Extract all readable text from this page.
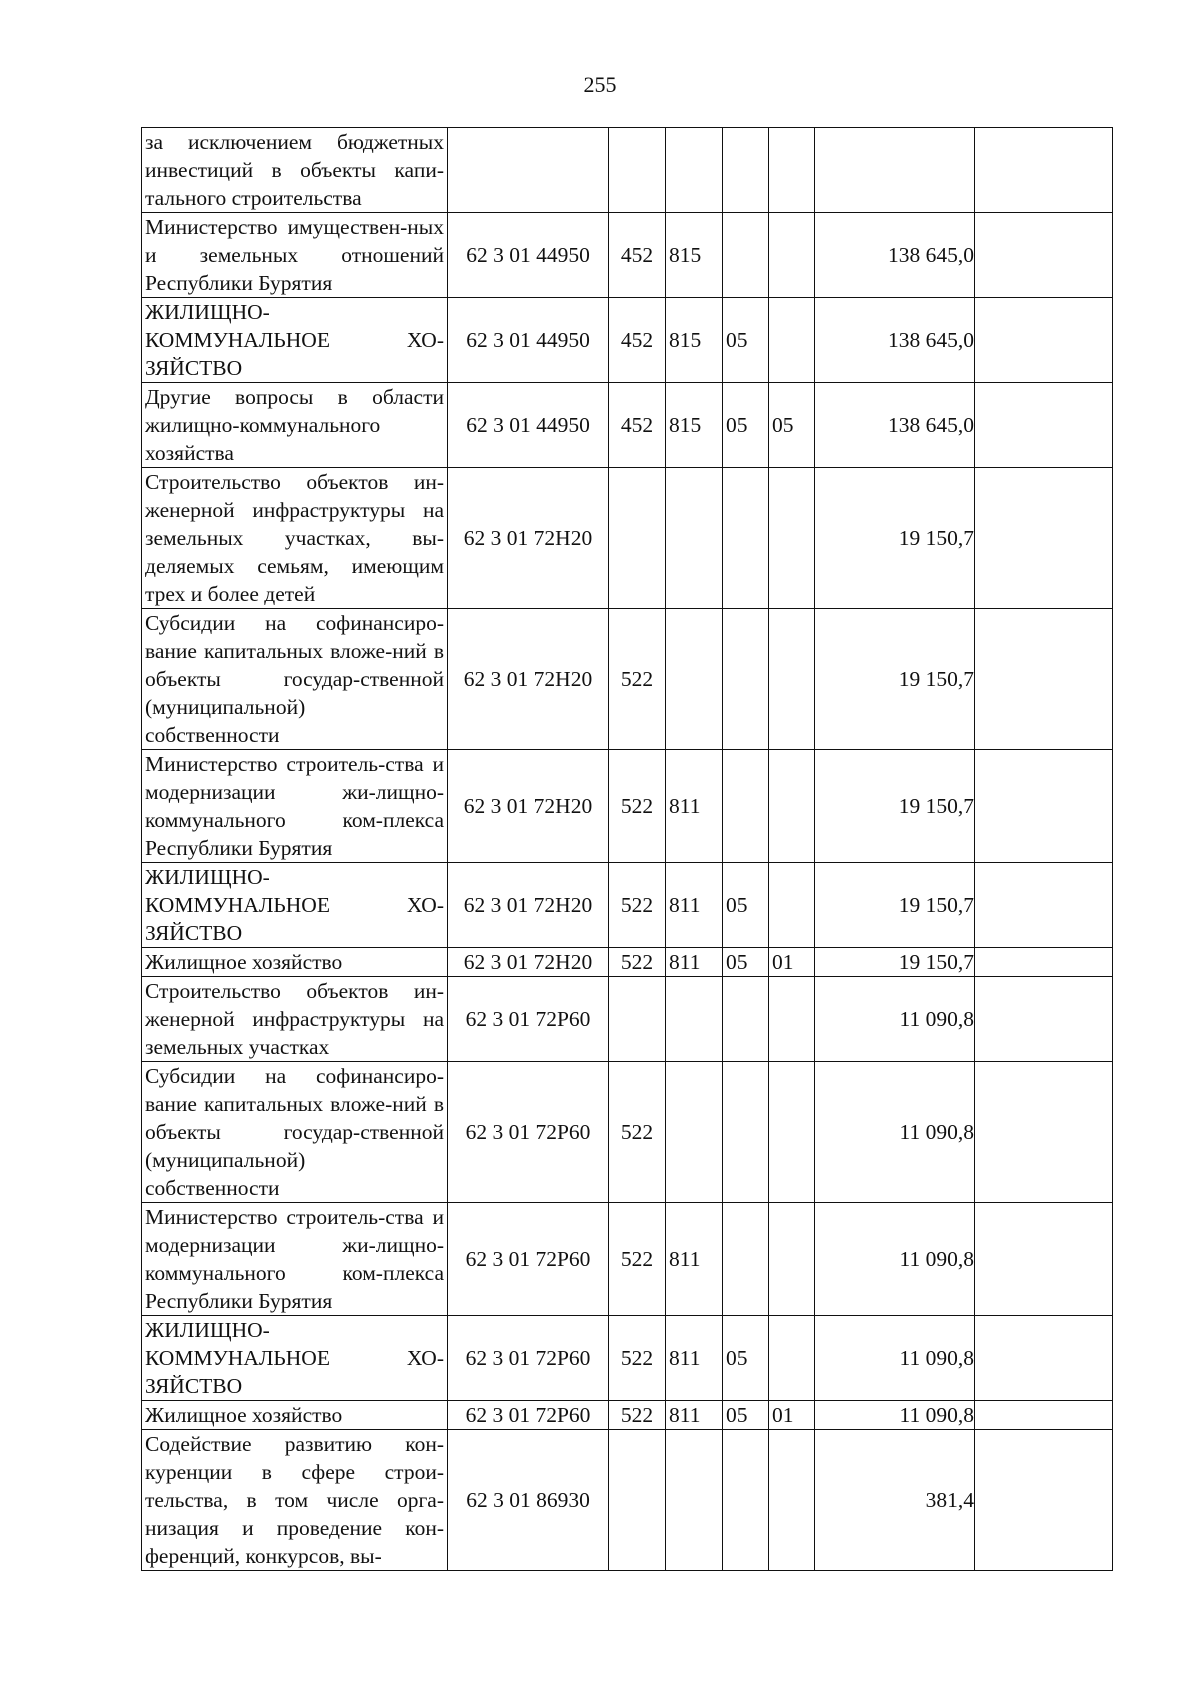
255
за исключением бюджетных инвестиций в объекты капи-тального строительства							
Министерство имуществен-ных и земельных отношений Республики Бурятия	62 3 01 44950	452	815			138 645,0	
ЖИЛИЩНО-КОММУНАЛЬНОЕ ХО-ЗЯЙСТВО	62 3 01 44950	452	815	05		138 645,0	
Другие вопросы в области жилищно-коммунального хозяйства	62 3 01 44950	452	815	05	05	138 645,0	
Строительство объектов ин-женерной инфраструктуры на земельных участках, вы-деляемых семьям, имеющим трех и более детей	62 3 01 72Н20					19 150,7	
Субсидии на софинансиро-вание капитальных вложе-ний в объекты государ-ственной (муниципальной) собственности	62 3 01 72Н20	522				19 150,7	
Министерство строитель-ства и модернизации жи-лищно-коммунального ком-плекса Республики Бурятия	62 3 01 72Н20	522	811			19 150,7	
ЖИЛИЩНО-КОММУНАЛЬНОЕ ХО-ЗЯЙСТВО	62 3 01 72Н20	522	811	05		19 150,7	
Жилищное хозяйство	62 3 01 72Н20	522	811	05	01	19 150,7	
Строительство объектов ин-женерной инфраструктуры на земельных участках	62 3 01 72Р60					11 090,8	
Субсидии на софинансиро-вание капитальных вложе-ний в объекты государ-ственной (муниципальной) собственности	62 3 01 72Р60	522				11 090,8	
Министерство строитель-ства и модернизации жи-лищно-коммунального ком-плекса Республики Бурятия	62 3 01 72Р60	522	811			11 090,8	
ЖИЛИЩНО-КОММУНАЛЬНОЕ ХО-ЗЯЙСТВО	62 3 01 72Р60	522	811	05		11 090,8	
Жилищное хозяйство	62 3 01 72Р60	522	811	05	01	11 090,8	
Содействие развитию кон-куренции в сфере строи-тельства, в том числе орга-низация и проведение кон-ференций, конкурсов, вы-	62 3 01 86930					381,4	
